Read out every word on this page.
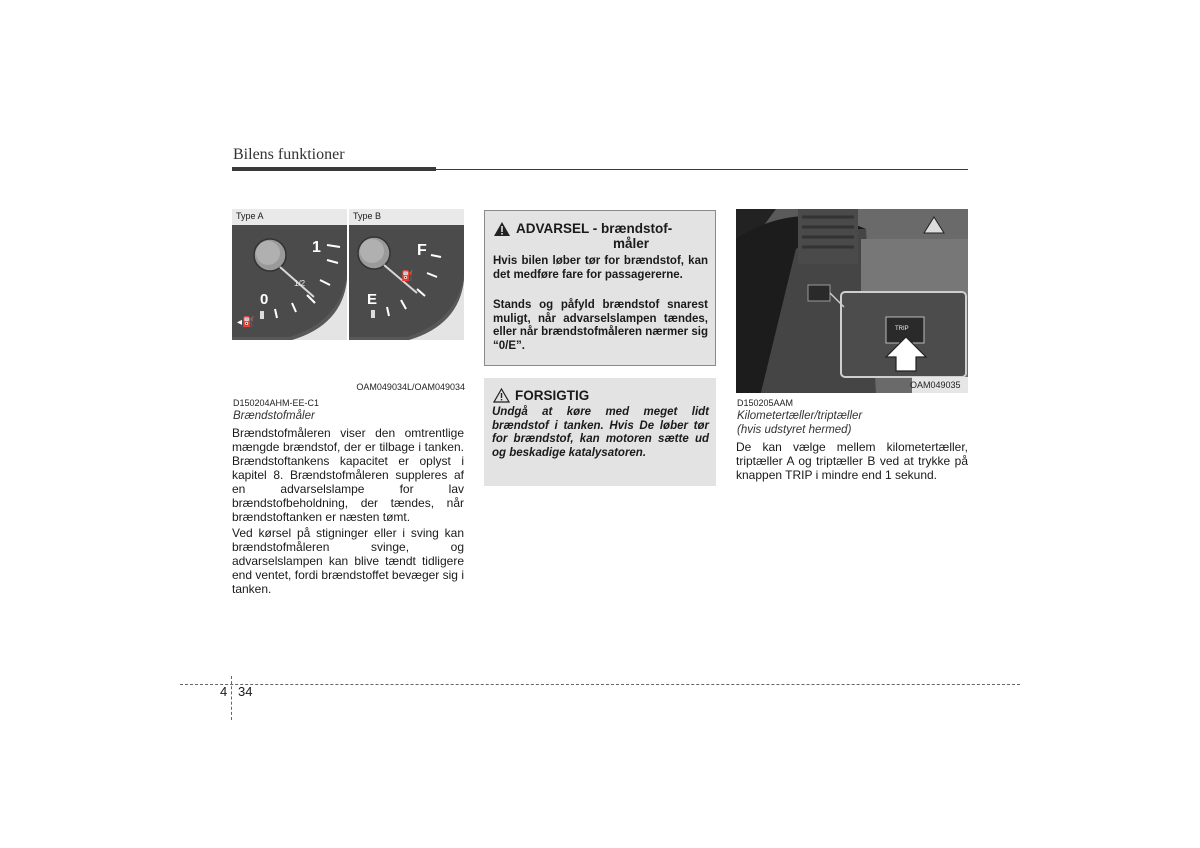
Bilens funktioner
Type A
1
1/2
0
◂⛽
Type B
F
⛽
E
OAM049034L/OAM049034
D150204AHM-EE-C1
Brændstofmåler
Brændstofmåleren viser den omtrentlige mængde brændstof, der er tilbage i tanken. Brændstoftankens kapacitet er oplyst i kapitel 8. Brændstofmåleren suppleres af en advarselslampe for lav brændstofbeholdning, der tændes, når brændstoftanken er næsten tømt.
Ved kørsel på stigninger eller i sving kan brændstofmåleren svinge, og advarselslampen kan blive tændt tidligere end ventet, fordi brændstoffet bevæger sig i tanken.
ADVARSEL - brændstof-
måler
Hvis bilen løber tør for brændstof, kan det medføre fare for passagererne.
Stands og påfyld brændstof snarest muligt, når advarselslampen tændes, eller når brændstofmåleren nærmer sig “0/E”.
FORSIGTIG
Undgå at køre med meget lidt brændstof i tanken. Hvis De løber tør for brændstof, kan motoren sætte ud og beskadige katalysatoren.
TRIP
OAM049035
D150205AAM
Kilometertæller/triptæller
(hvis udstyret hermed)
De kan vælge mellem kilometertæller, triptæller A og triptæller B ved at trykke på knappen TRIP i mindre end 1 sekund.
4 34
